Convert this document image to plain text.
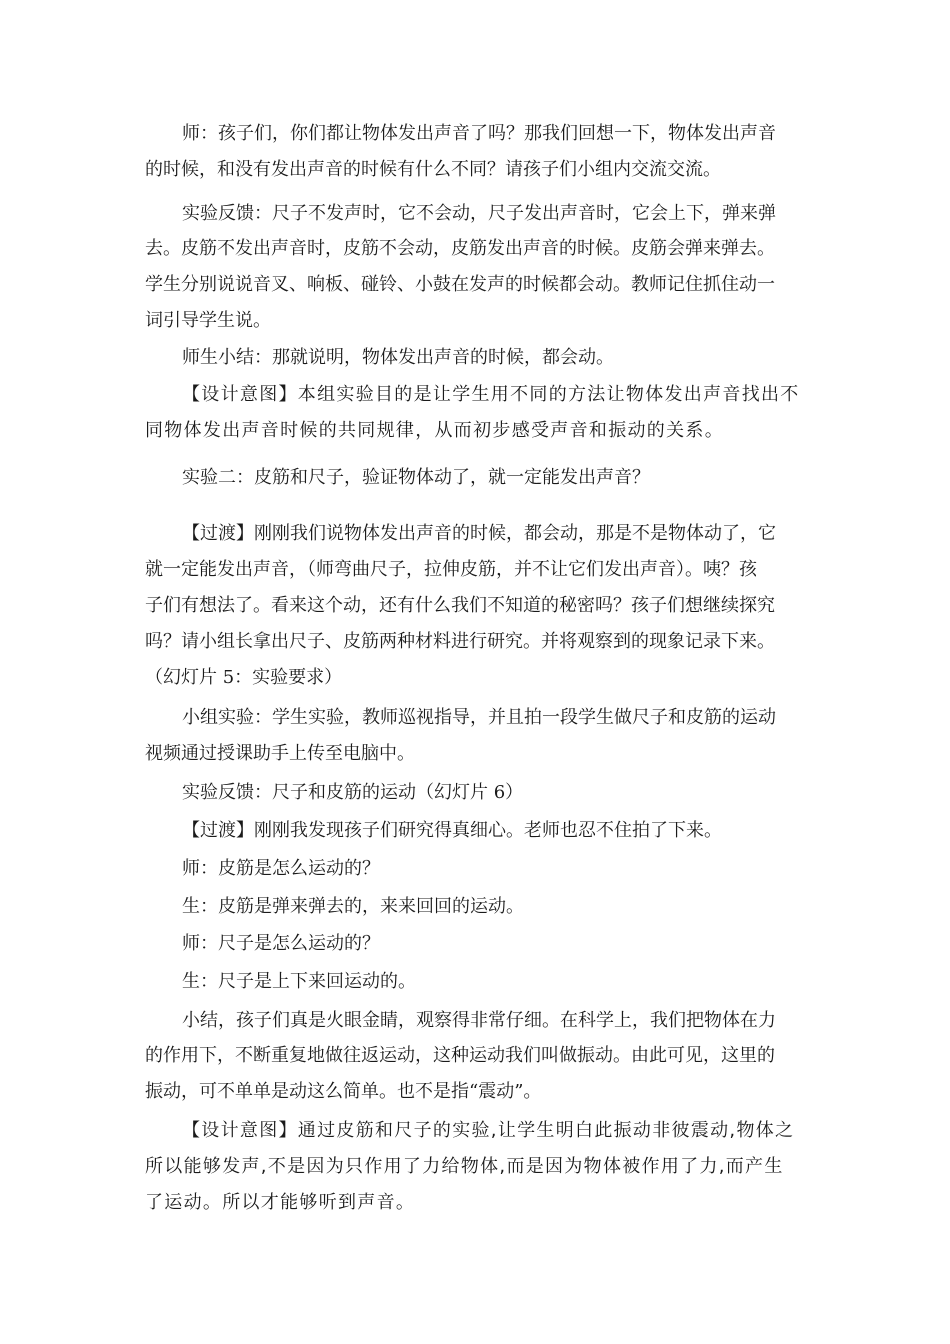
师：孩子们，你们都让物体发出声音了吗？那我们回想一下，物体发出声音
的时候，和没有发出声音的时候有什么不同？请孩子们小组内交流交流。
实验反馈：尺子不发声时，它不会动，尺子发出声音时，它会上下，弹来弹
去。皮筋不发出声音时，皮筋不会动，皮筋发出声音的时候。皮筋会弹来弹去。
学生分别说说音叉、响板、碰铃、小鼓在发声的时候都会动。教师记住抓住动一
词引导学生说。
师生小结：那就说明，物体发出声音的时候，都会动。
【设计意图】本组实验目的是让学生用不同的方法让物体发出声音找出不
同物体发出声音时候的共同规律，从而初步感受声音和振动的关系。
实验二：皮筋和尺子，验证物体动了，就一定能发出声音？
【过渡】刚刚我们说物体发出声音的时候，都会动，那是不是物体动了，它
就一定能发出声音，（师弯曲尺子，拉伸皮筋，并不让它们发出声音）。咦？孩
子们有想法了。看来这个动，还有什么我们不知道的秘密吗？孩子们想继续探究
吗？请小组长拿出尺子、皮筋两种材料进行研究。并将观察到的现象记录下来。
（幻灯片 5：实验要求）
小组实验：学生实验，教师巡视指导，并且拍一段学生做尺子和皮筋的运动
视频通过授课助手上传至电脑中。
实验反馈：尺子和皮筋的运动（幻灯片 6）
【过渡】刚刚我发现孩子们研究得真细心。老师也忍不住拍了下来。
师：皮筋是怎么运动的？
生：皮筋是弹来弹去的，来来回回的运动。
师：尺子是怎么运动的？
生：尺子是上下来回运动的。
小结，孩子们真是火眼金睛，观察得非常仔细。在科学上，我们把物体在力
的作用下，不断重复地做往返运动，这种运动我们叫做振动。由此可见，这里的
振动，可不单单是动这么简单。也不是指“震动”。
【设计意图】通过皮筋和尺子的实验,让学生明白此振动非彼震动,物体之
所以能够发声,不是因为只作用了力给物体,而是因为物体被作用了力,而产生
了运动。所以才能够听到声音。
